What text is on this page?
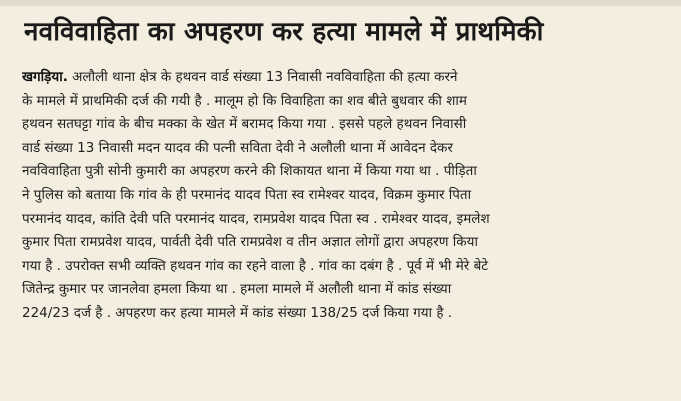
नवविवाहिता का अपहरण कर हत्या मामले में प्राथमिकी
खगड़िया. अलौली थाना क्षेत्र के हथवन वार्ड संख्या 13 निवासी नवविवाहिता की हत्या करने
के मामले में प्राथमिकी दर्ज की गयी है . मालूम हो कि विवाहिता का शव बीते बुधवार की शाम
हथवन सतघट्टा गांव के बीच मक्का के खेत में बरामद किया गया . इससे पहले हथवन निवासी
वार्ड संख्या 13 निवासी मदन यादव की पत्नी सविता देवी ने अलौली थाना में आवेदन देकर
नवविवाहिता पुत्री सोनी कुमारी का अपहरण करने की शिकायत थाना में किया गया था . पीड़िता
ने पुलिस को बताया कि गांव के ही परमानंद यादव पिता स्व रामेश्वर यादव, विक्रम कुमार पिता
परमानंद यादव, कांति देवी पति परमानंद यादव, रामप्रवेश यादव पिता स्व . रामेश्वर यादव, इमलेश
कुमार पिता रामप्रवेश यादव, पार्वती देवी पति रामप्रवेश व तीन अज्ञात लोगों द्वारा अपहरण किया
गया है . उपरोक्त सभी व्यक्ति हथवन गांव का रहने वाला है . गांव का दबंग है . पूर्व में भी मेरे बेटे
जितेन्द्र कुमार पर जानलेवा हमला किया था . हमला मामले में अलौली थाना में कांड संख्या
224/23 दर्ज है . अपहरण कर हत्या मामले में कांड संख्या 138/25 दर्ज किया गया है .
